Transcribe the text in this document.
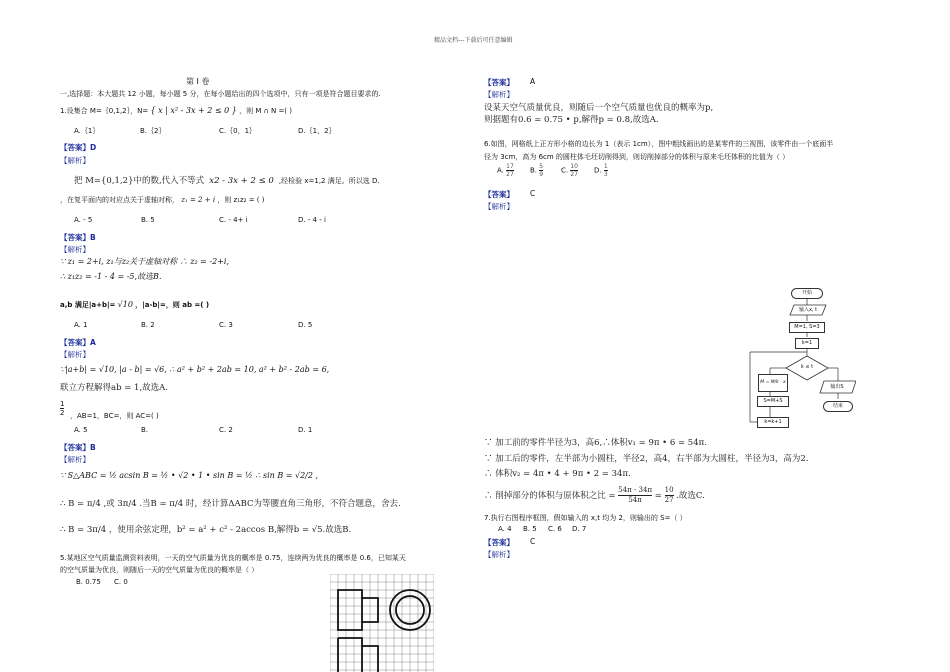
精品文档---下载后可任意编辑
第 I 卷
一,选择题：本大题共 12 小题，每小题 5 分，在每小题给出的四个选项中，只有一项是符合题目要求的.
1.设集合 M=｛0,1,2｝，N= { x | x² - 3x + 2 ≤ 0 } ，则 M ∩ N =( )
A.｛1｝	B.｛2｝	C.｛0，1｝	D.｛1，2｝
【答案】D
【解析】
把 M={0,1,2}中的数,代入不等式 x2 - 3x + 2 ≤ 0 ,经检验 x=1,2 满足。所以选 D.
，在复平面内的对应点关于虚轴对称， z₁ = 2 + i ，则 z₁z₂ = ( )
A. - 5	B. 5	C. - 4+ i	D. - 4 - i
【答案】B
【解析】
∵ z₁ = 2+i, z₁与z₂关于虚轴对称 ∴ z₂ = -2+i,
∴ z₁z₂ = -1 - 4 = -5,故选B.
a,b 满足|a+b|= √10 ，|a-b|=，则 ab =( )
A. 1	B. 2	C. 3	D. 5
【答案】A
【解析】
∵|a+b| = √10, |a - b| = √6, ∴ a² + b² + 2ab = 10, a² + b² - 2ab = 6,
联立方程解得ab = 1,故选A.
$\frac{1}{2}$ ，AB=1，BC=，则 AC=( )
A. 5	B.	C. 2	D. 1
【答案】B
【解析】
∵ S△ABC = ½ acsin B = ½ • √2 • 1 • sin B = ½ ∴ sin B = √2/2 ,
∴ B = π/4 ,或 3π/4 .当B = π/4 时，经计算ΔABC为等腰直角三角形，不符合题意，舍去.
∴ B = 3π/4 ，使用余弦定理，b² = a² + c² - 2accos B,解得b = √5.故选B.
5.某地区空气质量监测资料表明，一天的空气质量为优良的概率是 0.75，连续两为优良的概率是 0.6，已知某天
的空气质量为优良，则随后一天的空气质量为优良的概率是（ ）
B. 0.75 C. 0
【答案】 A
【解析】
设某天空气质量优良，则随后一个空气质量也优良的概率为p,
则据题有0.6 = 0.75 • p,解得p = 0.8,故选A.
6.如图，网格纸上正方形小格的边长为 1（表示 1cm），图中粗线画出的是某零件的三视图，该零件由一个底面半
径为 3cm，高为 6cm 的圆柱体毛坯切削得到，则切削掉部分的体积与原来毛坯体积的比值为（ ）
A. $\frac{17}{27} B$. $\frac{5}{9}$	C. $\frac{10}{27} D$. $\frac{1}{3}$
【答案】 C
【解析】
开始
输入x, t
M=1, S=3
k=1
k ≤ t
M = M/k · x
S=M+S
k=k+1
输出S
结束
∵ 加工前的零件半径为3，高6,∴体积v₁ = 9π • 6 = 54π.
∵ 加工后的零件，左半部为小圆柱，半径2，高4，右半部为大圆柱，半径为3，高为2.
∴ 体积v₂ = 4π • 4 + 9π • 2 = 34π.
∴ 削掉部分的体积与原体积之比 = $\frac{54\pi - 34\pi}{54\pi} = \frac{10}{27}$ .故选C.
7.执行右图程序框图，假如输入的 x,t 均为 2，则输出的 S=（ ）
A. 4 B. 5 C. 6 D. 7
【答案】 C
【解析】
